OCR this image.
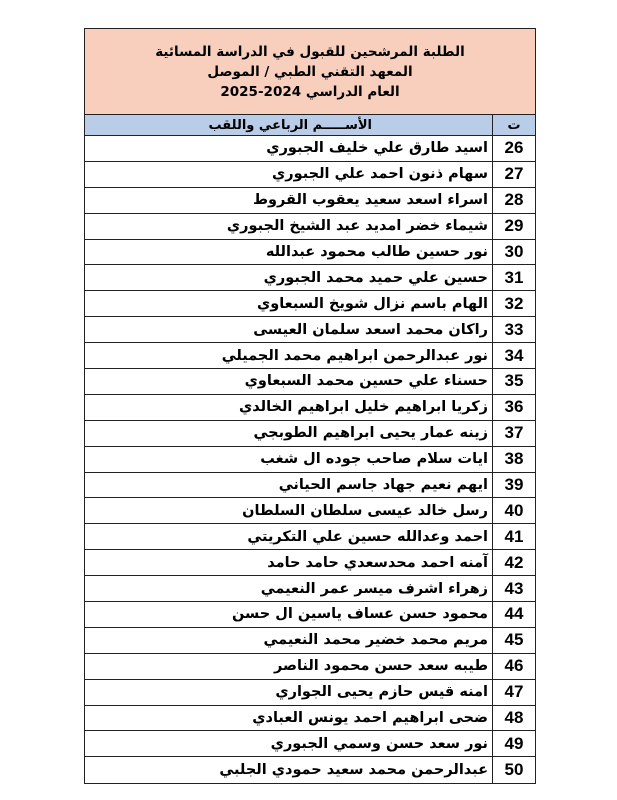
الطلبة المرشحين للقبول في الدراسة المسائية
المعهد التقني الطبي / الموصل
العام الدراسي 2024-2025
ت
الأســـــم الرباعي واللقب
26
اسيد طارق علي خليف الجبوري
27
سهام ذنون احمد علي الجبوري
28
اسراء اسعد سعيد يعقوب القروط
29
شيماء خضر امديد عبد الشيخ الجبوري
30
نور حسين طالب محمود عبدالله
31
حسين علي حميد محمد الجبوري
32
الهام باسم نزال شويخ السبعاوي
33
راكان محمد اسعد سلمان العيسى
34
نور عبدالرحمن ابراهيم محمد الجميلي
35
حسناء علي حسين محمد السبعاوي
36
زكريا ابراهيم خليل ابراهيم الخالدي
37
زينه عمار يحيى ابراهيم الطوبجي
38
ايات سلام صاحب جوده ال شغب
39
ايهم نعيم جهاد جاسم الحياني
40
رسل خالد عيسى سلطان السلطان
41
احمد وعدالله حسين علي التكريتي
42
آمنه احمد محدسعدي حامد حامد
43
زهراء اشرف ميسر عمر النعيمي
44
محمود حسن عساف ياسين ال حسن
45
مريم محمد خضير محمد النعيمي
46
طيبه سعد حسن محمود الناصر
47
امنه قيس حازم يحيى الجواري
48
ضحى ابراهيم احمد يونس العبادي
49
نور سعد حسن وسمي الجبوري
50
عبدالرحمن محمد سعيد حمودي الجلبي
